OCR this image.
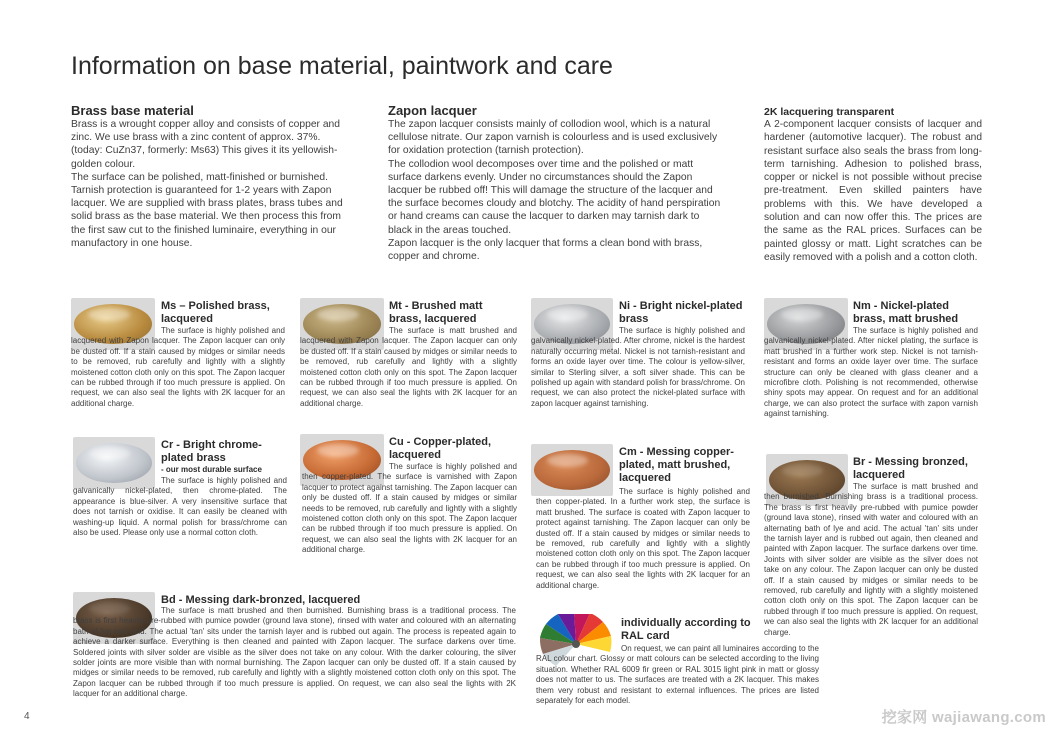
Information on base material, paintwork and care
Brass base material
Brass is a wrought copper alloy and consists of copper and
zinc. We use brass with a zinc content of approx. 37%.
(today: CuZn37, formerly: Ms63) This gives it its yellowish-
golden colour.
The surface can be polished, matt-finished or burnished.
Tarnish protection is guaranteed for 1-2 years with Zapon
lacquer. We are supplied with brass plates, brass tubes and
solid brass as the base material. We then process this from
the first saw cut to the finished luminaire, everything in our
manufactory in one house.
Zapon lacquer
The zapon lacquer consists mainly of collodion wool, which is a natural
cellulose nitrate. Our zapon varnish is colourless and is used exclusively
for oxidation protection (tarnish protection).
The collodion wool decomposes over time and the polished or matt
surface darkens evenly. Under no circumstances should the Zapon
lacquer be rubbed off! This will damage the structure of the lacquer and
the surface becomes cloudy and blotchy. The acidity of hand perspiration
or hand creams can cause the lacquer to darken may tarnish dark to
black in the areas touched.
Zapon lacquer is the only lacquer that forms a clean bond with brass,
copper and chrome.
2K lacquering transparent
A 2-component lacquer consists of lacquer and hardener (automotive lacquer). The robust and resistant surface also seals the brass from long-term tarnishing. Adhesion to polished brass, copper or nickel is not possible without precise pre-treatment. Even skilled painters have problems with this. We have developed a solution and can now offer this. The prices are the same as the RAL prices. Surfaces can be painted glossy or matt. Light scratches can be easily removed with a polish and a cotton cloth.
Ms – Polished brass,
lacquered
The surface is highly polished and lacquered with Zapon lacquer. The Zapon lacquer can only be dusted off. If a stain caused by midges or similar needs to be removed, rub carefully and lightly with a slightly moistened cotton cloth only on this spot. The Zapon lacquer can be rubbed through if too much pressure is applied. On request, we can also seal the lights with 2K lacquer for an additional charge.
Mt - Brushed matt
brass, lacquered
The surface is matt brushed and lacquered with Zapon lacquer. The Zapon lacquer can only be dusted off. If a stain caused by midges or similar needs to be removed, rub carefully and lightly with a slightly moistened cotton cloth only on this spot. The Zapon lacquer can be rubbed through if too much pressure is applied. On request, we can also seal the lights with 2K lacquer for an additional charge.
Ni - Bright nickel-plated
brass
The surface is highly polished and galvanically nickel-plated. After chrome, nickel is the hardest naturally occurring metal. Nickel is not tarnish-resistant and forms an oxide layer over time. The colour is yellow-silver, similar to Sterling silver, a soft silver shade. This can be polished up again with standard polish for brass/chrome. On request, we can also protect the nickel-plated surface with zapon lacquer against tarnishing.
Nm - Nickel-plated
brass, matt brushed
The surface is highly polished and galvanically nickel-plated. After nickel plating, the surface is matt brushed in a further work step. Nickel is not tarnish-resistant and forms an oxide layer over time. The surface structure can only be cleaned with glass cleaner and a microfibre cloth. Polishing is not recommended, otherwise shiny spots may appear. On request and for an additional charge, we can also protect the surface with zapon varnish against tarnishing.
Cr - Bright chrome-
plated brass
- our most durable surface
The surface is highly polished and galvanically nickel-plated, then chrome-plated. The appearance is blue-silver. A very insensitive surface that does not tarnish or oxidise. It can easily be cleaned with washing-up liquid. A normal polish for brass/chrome can also be used. Please only use a normal cotton cloth.
Cu - Copper-plated,
lacquered
The surface is highly polished and then copper-plated. The surface is varnished with Zapon lacquer to protect against tarnishing. The Zapon lacquer can only be dusted off. If a stain caused by midges or similar needs to be removed, rub carefully and lightly with a slightly moistened cotton cloth only on this spot. The Zapon lacquer can be rubbed through if too much pressure is applied. On request, we can also seal the lights with 2K lacquer for an additional charge.
Cm - Messing copper-
plated, matt brushed,
lacquered
The surface is highly polished and then copper-plated. In a further work step, the surface is matt brushed. The surface is coated with Zapon lacquer to protect against tarnishing. The Zapon lacquer can only be dusted off. If a stain caused by midges or similar needs to be removed, rub carefully and lightly with a slightly moistened cotton cloth only on this spot. The Zapon lacquer can be rubbed through if too much pressure is applied. On request, we can also seal the lights with 2K lacquer for an additional charge.
Br - Messing bronzed,
lacquered
The surface is matt brushed and then burnished. Burnishing brass is a traditional process. The brass is first heavily pre-rubbed with pumice powder (ground lava stone), rinsed with water and coloured with an alternating bath of lye and acid. The actual 'tan' sits under the tarnish layer and is rubbed out again, then cleaned and painted with Zapon lacquer. The surface darkens over time. Joints with silver solder are visible as the silver does not take on any colour. The Zapon lacquer can only be dusted off. If a stain caused by midges or similar needs to be removed, rub carefully and lightly with a slightly moistened cotton cloth only on this spot. The Zapon lacquer can be rubbed through if too much pressure is applied. On request, we can also seal the lights with 2K lacquer for an additional charge.
Bd - Messing dark-bronzed, lacquered
The surface is matt brushed and then burnished. Burnishing brass is a traditional process. The brass is first heavily pre-rubbed with pumice powder (ground lava stone), rinsed with water and coloured with an alternating bath of lye and acid. The actual 'tan' sits under the tarnish layer and is rubbed out again. The process is repeated again to achieve a darker surface. Everything is then cleaned and painted with Zapon lacquer. The surface darkens over time. Soldered joints with silver solder are visible as the silver does not take on any colour. With the darker colouring, the silver solder joints are more visible than with normal burnishing. The Zapon lacquer can only be dusted off. If a stain caused by midges or similar needs to be removed, rub carefully and lightly with a slightly moistened cotton cloth only on this spot. The Zapon lacquer can be rubbed through if too much pressure is applied. On request, we can also seal the lights with 2K lacquer for an additional charge.
individually according to
RAL card
On request, we can paint all luminaires according to the RAL colour chart. Glossy or matt colours can be selected according to the living situation. Whether RAL 6009 fir green or RAL 3015 light pink in matt or glossy does not matter to us. The surfaces are treated with a 2K lacquer. This makes them very robust and resistant to external influences. The prices are listed separately for each model.
4	挖家网 wajiawang.com
